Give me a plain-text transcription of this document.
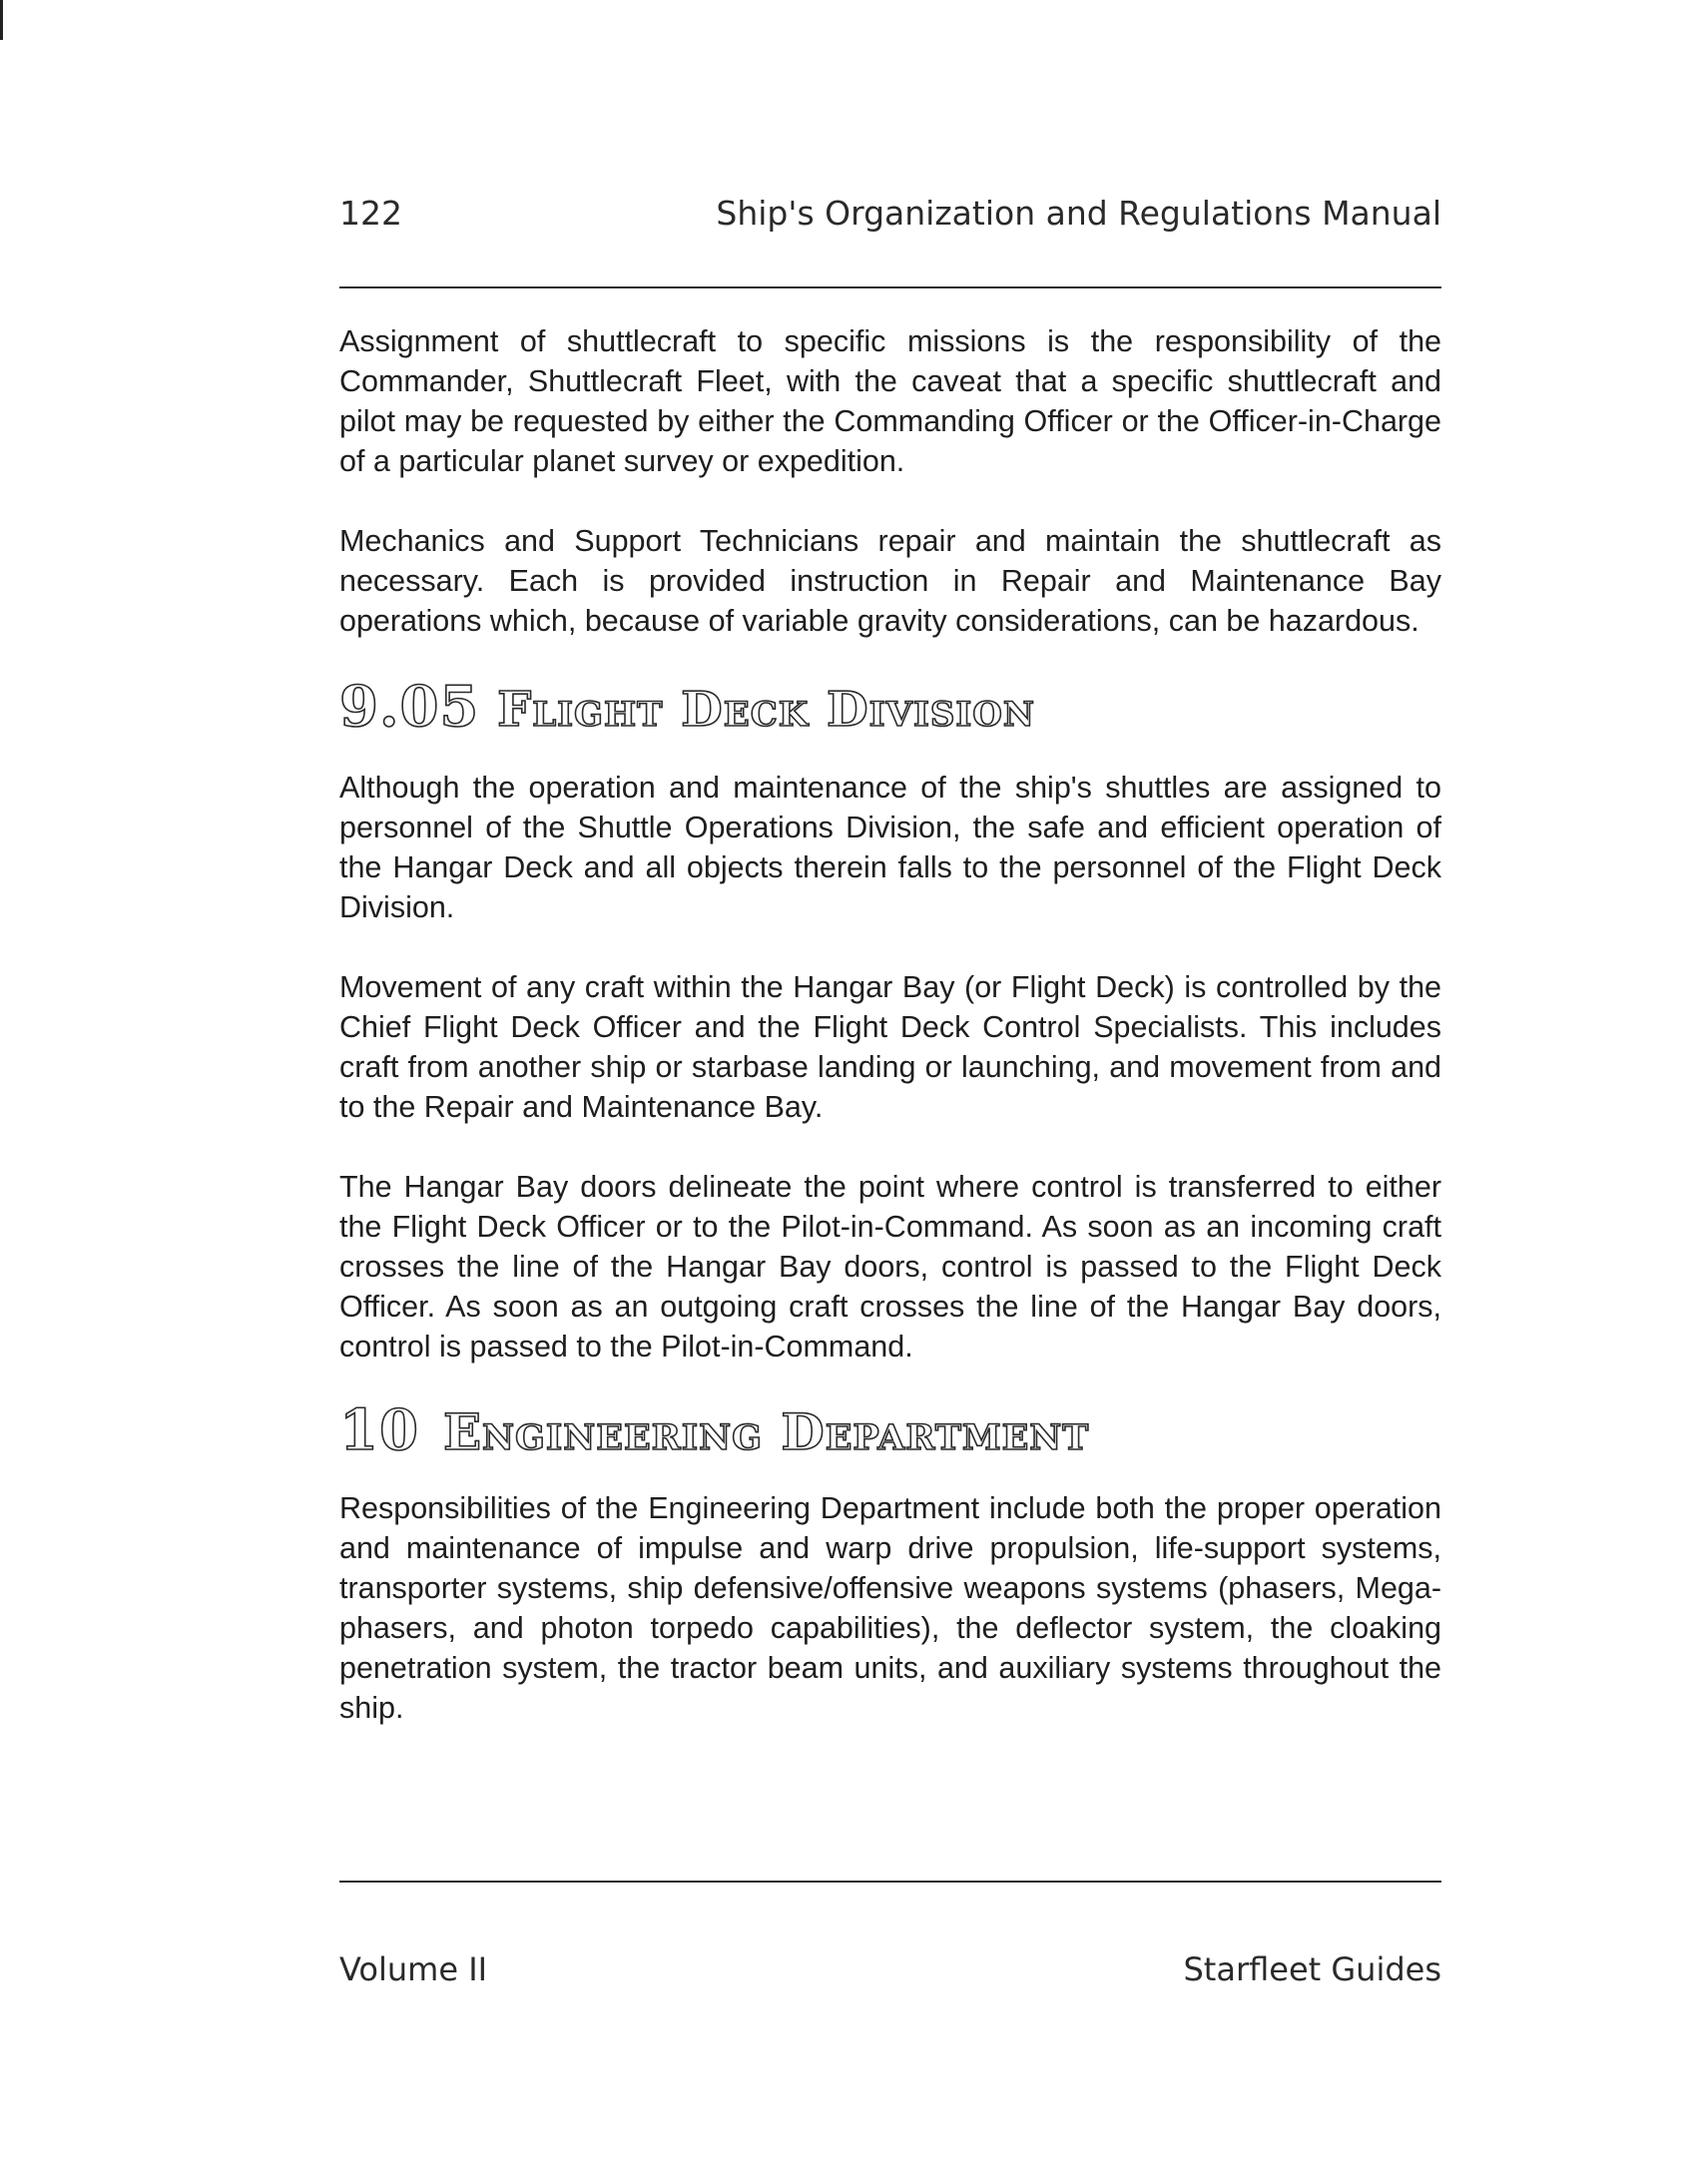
122	Ship's Organization and Regulations Manual

Assignment of shuttlecraft to specific missions is the responsibility of the Commander, Shuttlecraft Fleet, with the caveat that a specific shuttlecraft and pilot may be requested by either the Commanding Officer or the Officer-in-Charge of a particular planet survey or expedition.

Mechanics and Support Technicians repair and maintain the shuttlecraft as necessary. Each is provided instruction in Repair and Maintenance Bay operations which, because of variable gravity considerations, can be hazardous.

9.05 Flight Deck Division

Although the operation and maintenance of the ship's shuttles are assigned to personnel of the Shuttle Operations Division, the safe and efficient operation of the Hangar Deck and all objects therein falls to the personnel of the Flight Deck Division.

Movement of any craft within the Hangar Bay (or Flight Deck) is controlled by the Chief Flight Deck Officer and the Flight Deck Control Specialists. This includes craft from another ship or starbase landing or launching, and movement from and to the Repair and Maintenance Bay.

The Hangar Bay doors delineate the point where control is transferred to either the Flight Deck Officer or to the Pilot-in-Command. As soon as an incoming craft crosses the line of the Hangar Bay doors, control is passed to the Flight Deck Officer. As soon as an outgoing craft crosses the line of the Hangar Bay doors, control is passed to the Pilot-in-Command.

10 Engineering Department

Responsibilities of the Engineering Department include both the proper operation and maintenance of impulse and warp drive propulsion, life-support systems, transporter systems, ship defensive/offensive weapons systems (phasers, Mega-phasers, and photon torpedo capabilities), the deflector system, the cloaking penetration system, the tractor beam units, and auxiliary systems throughout the ship.

Volume II	Starfleet Guides
